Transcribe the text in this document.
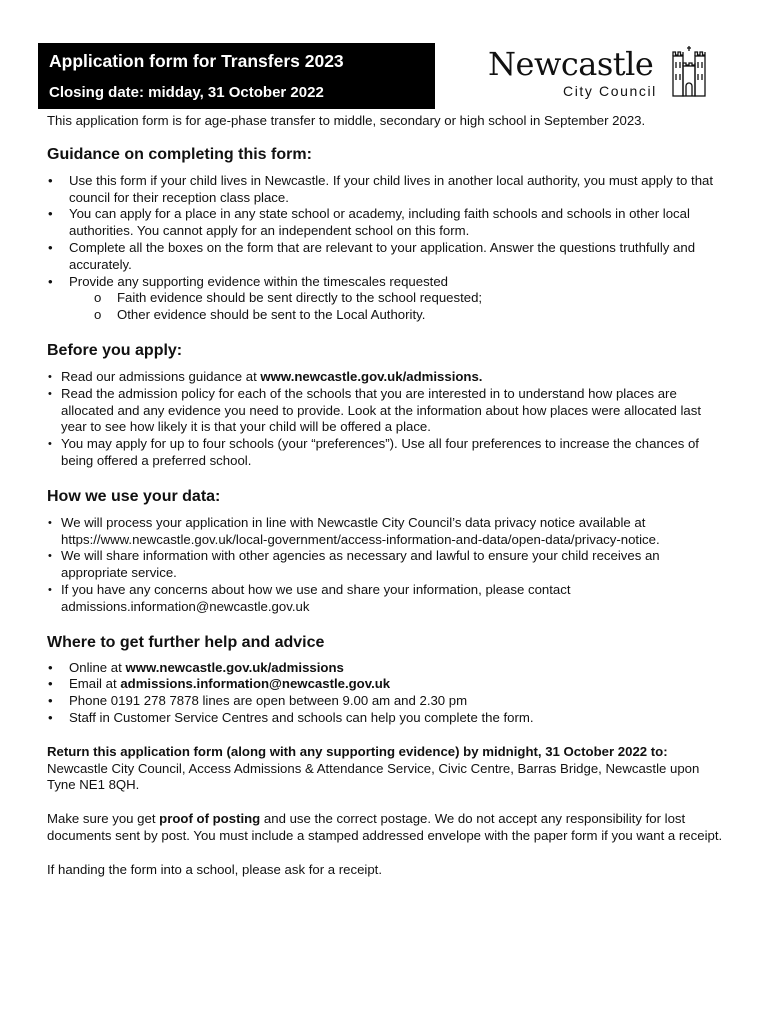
Application form for Transfers 2023
Closing date: midday, 31 October 2022
Newcastle
City Council

This application form is for age-phase transfer to middle, secondary or high school in September 2023.

Guidance on completing this form:
• Use this form if your child lives in Newcastle. If your child lives in another local authority, you must apply to that council for their reception class place.
• You can apply for a place in any state school or academy, including faith schools and schools in other local authorities. You cannot apply for an independent school on this form.
• Complete all the boxes on the form that are relevant to your application. Answer the questions truthfully and accurately.
• Provide any supporting evidence within the timescales requested
o Faith evidence should be sent directly to the school requested;
o Other evidence should be sent to the Local Authority.
Before you apply:
• Read our admissions guidance at www.newcastle.gov.uk/admissions.
• Read the admission policy for each of the schools that you are interested in to understand how places are allocated and any evidence you need to provide. Look at the information about how places were allocated last year to see how likely it is that your child will be offered a place.
• You may apply for up to four schools (your “preferences”). Use all four preferences to increase the chances of being offered a preferred school.
How we use your data:
• We will process your application in line with Newcastle City Council’s data privacy notice available at https://www.newcastle.gov.uk/local-government/access-information-and-data/open-data/privacy-notice.
• We will share information with other agencies as necessary and lawful to ensure your child receives an appropriate service.
• If you have any concerns about how we use and share your information, please contact admissions.information@newcastle.gov.uk
Where to get further help and advice
• Online at www.newcastle.gov.uk/admissions
• Email at admissions.information@newcastle.gov.uk
• Phone 0191 278 7878 lines are open between 9.00 am and 2.30 pm
• Staff in Customer Service Centres and schools can help you complete the form.

Return this application form (along with any supporting evidence) by midnight, 31 October 2022 to: Newcastle City Council, Access Admissions & Attendance Service, Civic Centre, Barras Bridge, Newcastle upon Tyne NE1 8QH.

Make sure you get proof of posting and use the correct postage. We do not accept any responsibility for lost documents sent by post. You must include a stamped addressed envelope with the paper form if you want a receipt.

If handing the form into a school, please ask for a receipt.
